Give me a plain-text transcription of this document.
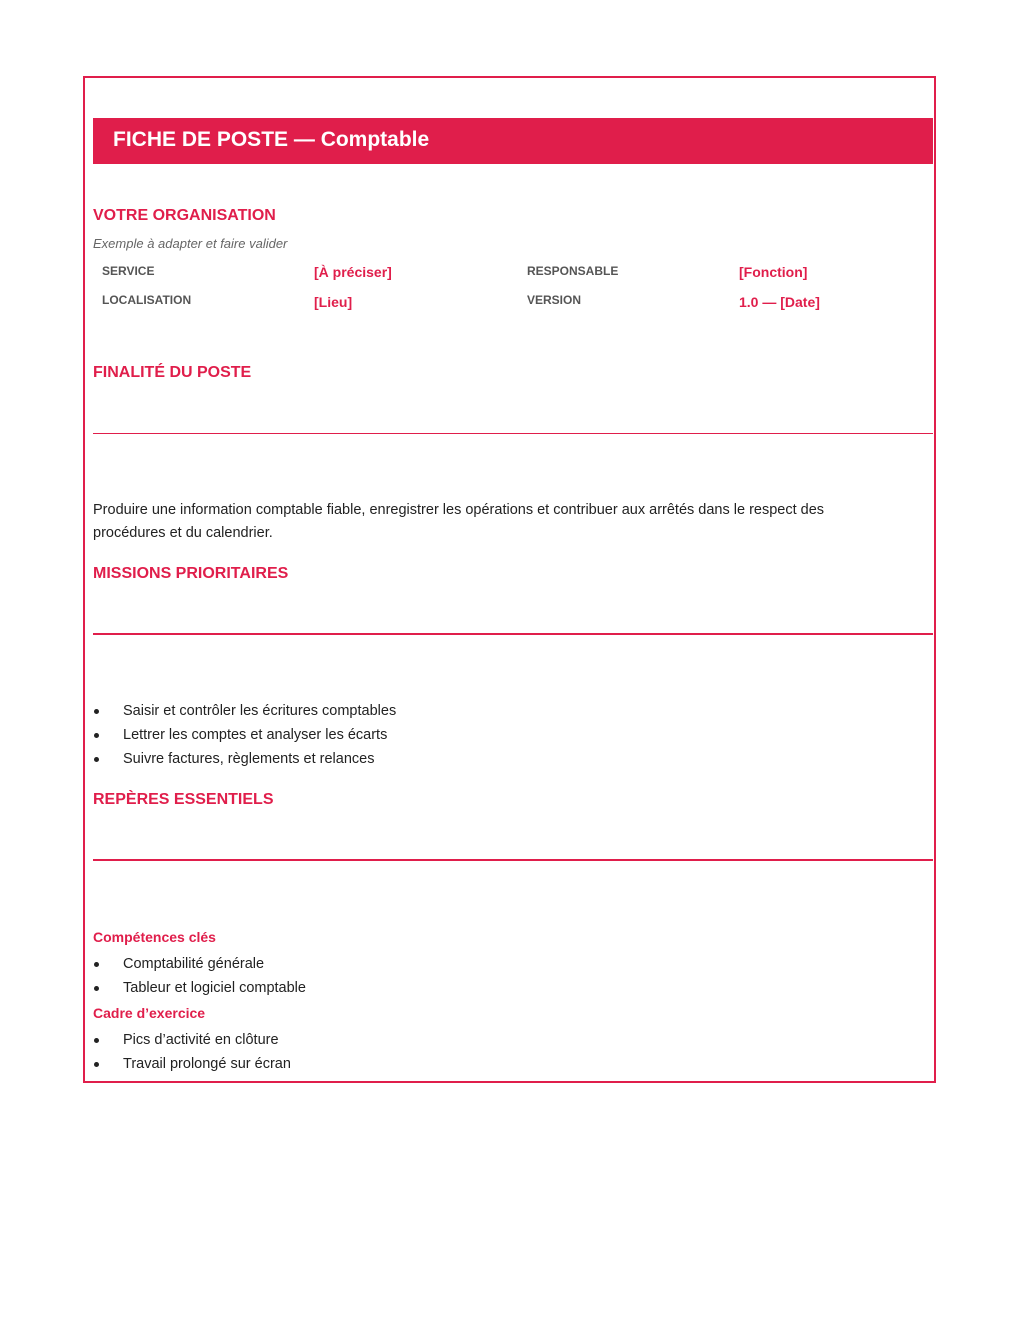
FICHE DE POSTE — Comptable
VOTRE ORGANISATION
Exemple à adapter et faire valider
SERVICE	[À préciser]	RESPONSABLE	[Fonction]
LOCALISATION	[Lieu]	VERSION	1.0 — [Date]
FINALITÉ DU POSTE
Produire une information comptable fiable, enregistrer les opérations et contribuer aux arrêtés dans le respect des procédures et du calendrier.
MISSIONS PRIORITAIRES
Saisir et contrôler les écritures comptables
Lettrer les comptes et analyser les écarts
Suivre factures, règlements et relances
REPÈRES ESSENTIELS
Compétences clés
Comptabilité générale
Tableur et logiciel comptable
Cadre d’exercice
Pics d’activité en clôture
Travail prolongé sur écran
